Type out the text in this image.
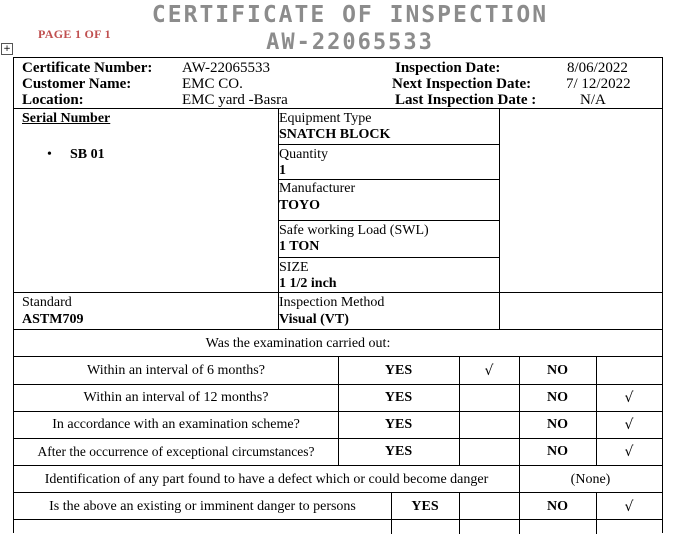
PAGE 1 OF 1
CERTIFICATE OF INSPECTION
AW-22065533
+
Certificate Number: AW-22065533
Customer Name:	EMC CO.
Location:	EMC yard -Basra
Inspection Date:	8/06/2022
Next Inspection Date: 7/ 12/2022
Last Inspection Date :	N/A
Serial Number
• SB 01
Equipment Type
SNATCH BLOCK
Quantity
1
Manufacturer
TOYO
Safe working Load (SWL)
1 TON
SIZE
1 1/2 inch
Standard
ASTM709
Inspection Method
Visual (VT)
Was the examination carried out:
Within an interval of 6 months?	YES	√	NO
Within an interval of 12 months?	YES	NO	√
In accordance with an examination scheme?	YES	NO	√
After the occurrence of exceptional circumstances?	YES	NO	√
Identification of any part found to have a defect which or could become danger	(None)
Is the above an existing or imminent danger to persons	YES	NO	√
